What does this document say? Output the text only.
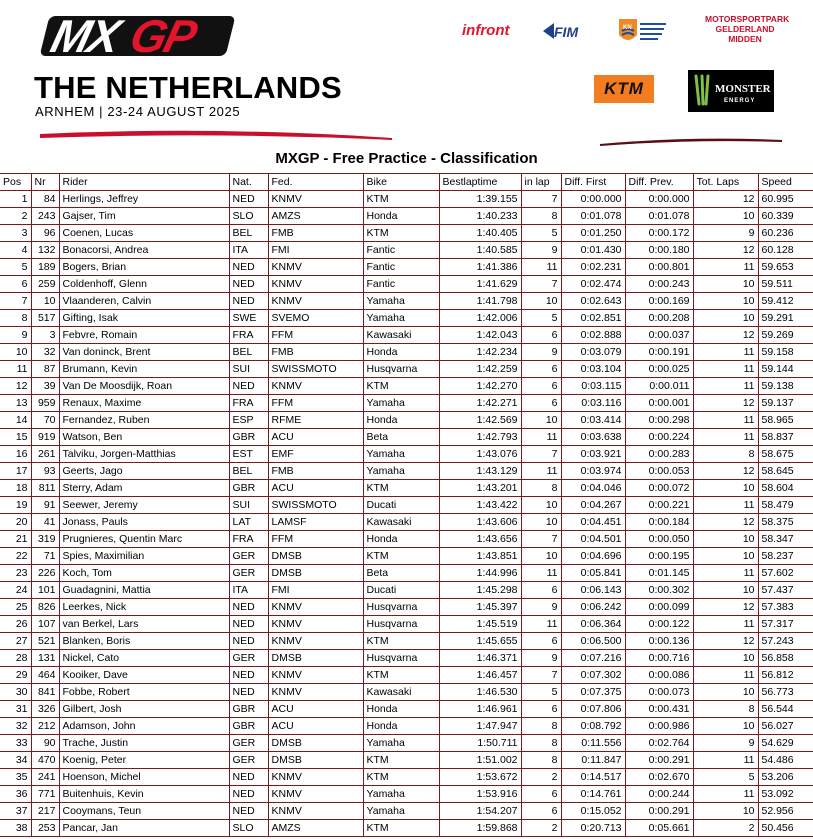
MX GP
THE NETHERLANDS
ARNHEM | 23-24 AUGUST 2025
infront	FIM	KN
MOTORSPORTPARK
GELDERLAND
MIDDEN
KTM	MONSTER
ENERGY
MXGP - Free Practice - Classification
Pos	Nr	Rider	Nat.	Fed.	Bike	Bestlaptime	in lap	Diff. First	Diff. Prev.	Tot. Laps	Speed
1	84	Herlings, Jeffrey	NED	KNMV	KTM	1:39.155	7	0:00.000	0:00.000	12	60.995
2	243	Gajser, Tim	SLO	AMZS	Honda	1:40.233	8	0:01.078	0:01.078	10	60.339
3	96	Coenen, Lucas	BEL	FMB	KTM	1:40.405	5	0:01.250	0:00.172	9	60.236
4	132	Bonacorsi, Andrea	ITA	FMI	Fantic	1:40.585	9	0:01.430	0:00.180	12	60.128
5	189	Bogers, Brian	NED	KNMV	Fantic	1:41.386	11	0:02.231	0:00.801	11	59.653
6	259	Coldenhoff, Glenn	NED	KNMV	Fantic	1:41.629	7	0:02.474	0:00.243	10	59.511
7	10	Vlaanderen, Calvin	NED	KNMV	Yamaha	1:41.798	10	0:02.643	0:00.169	10	59.412
8	517	Gifting, Isak	SWE	SVEMO	Yamaha	1:42.006	5	0:02.851	0:00.208	10	59.291
9	3	Febvre, Romain	FRA	FFM	Kawasaki	1:42.043	6	0:02.888	0:00.037	12	59.269
10	32	Van doninck, Brent	BEL	FMB	Honda	1:42.234	9	0:03.079	0:00.191	11	59.158
11	87	Brumann, Kevin	SUI	SWISSMOTO	Husqvarna	1:42.259	6	0:03.104	0:00.025	11	59.144
12	39	Van De Moosdijk, Roan	NED	KNMV	KTM	1:42.270	6	0:03.115	0:00.011	11	59.138
13	959	Renaux, Maxime	FRA	FFM	Yamaha	1:42.271	6	0:03.116	0:00.001	12	59.137
14	70	Fernandez, Ruben	ESP	RFME	Honda	1:42.569	10	0:03.414	0:00.298	11	58.965
15	919	Watson, Ben	GBR	ACU	Beta	1:42.793	11	0:03.638	0:00.224	11	58.837
16	261	Talviku, Jorgen-Matthias	EST	EMF	Yamaha	1:43.076	7	0:03.921	0:00.283	8	58.675
17	93	Geerts, Jago	BEL	FMB	Yamaha	1:43.129	11	0:03.974	0:00.053	12	58.645
18	811	Sterry, Adam	GBR	ACU	KTM	1:43.201	8	0:04.046	0:00.072	10	58.604
19	91	Seewer, Jeremy	SUI	SWISSMOTO	Ducati	1:43.422	10	0:04.267	0:00.221	11	58.479
20	41	Jonass, Pauls	LAT	LAMSF	Kawasaki	1:43.606	10	0:04.451	0:00.184	12	58.375
21	319	Prugnieres, Quentin Marc	FRA	FFM	Honda	1:43.656	7	0:04.501	0:00.050	10	58.347
22	71	Spies, Maximilian	GER	DMSB	KTM	1:43.851	10	0:04.696	0:00.195	10	58.237
23	226	Koch, Tom	GER	DMSB	Beta	1:44.996	11	0:05.841	0:01.145	11	57.602
24	101	Guadagnini, Mattia	ITA	FMI	Ducati	1:45.298	6	0:06.143	0:00.302	10	57.437
25	826	Leerkes, Nick	NED	KNMV	Husqvarna	1:45.397	9	0:06.242	0:00.099	12	57.383
26	107	van Berkel, Lars	NED	KNMV	Husqvarna	1:45.519	11	0:06.364	0:00.122	11	57.317
27	521	Blanken, Boris	NED	KNMV	KTM	1:45.655	6	0:06.500	0:00.136	12	57.243
28	131	Nickel, Cato	GER	DMSB	Husqvarna	1:46.371	9	0:07.216	0:00.716	10	56.858
29	464	Kooiker, Dave	NED	KNMV	KTM	1:46.457	7	0:07.302	0:00.086	11	56.812
30	841	Fobbe, Robert	NED	KNMV	Kawasaki	1:46.530	5	0:07.375	0:00.073	10	56.773
31	326	Gilbert, Josh	GBR	ACU	Honda	1:46.961	6	0:07.806	0:00.431	8	56.544
32	212	Adamson, John	GBR	ACU	Honda	1:47.947	8	0:08.792	0:00.986	10	56.027
33	90	Trache, Justin	GER	DMSB	Yamaha	1:50.711	8	0:11.556	0:02.764	9	54.629
34	470	Koenig, Peter	GER	DMSB	KTM	1:51.002	8	0:11.847	0:00.291	11	54.486
35	241	Hoenson, Michel	NED	KNMV	KTM	1:53.672	2	0:14.517	0:02.670	5	53.206
36	771	Buitenhuis, Kevin	NED	KNMV	Yamaha	1:53.916	6	0:14.761	0:00.244	11	53.092
37	217	Cooymans, Teun	NED	KNMV	Yamaha	1:54.207	6	0:15.052	0:00.291	10	52.956
38	253	Pancar, Jan	SLO	AMZS	KTM	1:59.868	2	0:20.713	0:05.661	2	50.456
